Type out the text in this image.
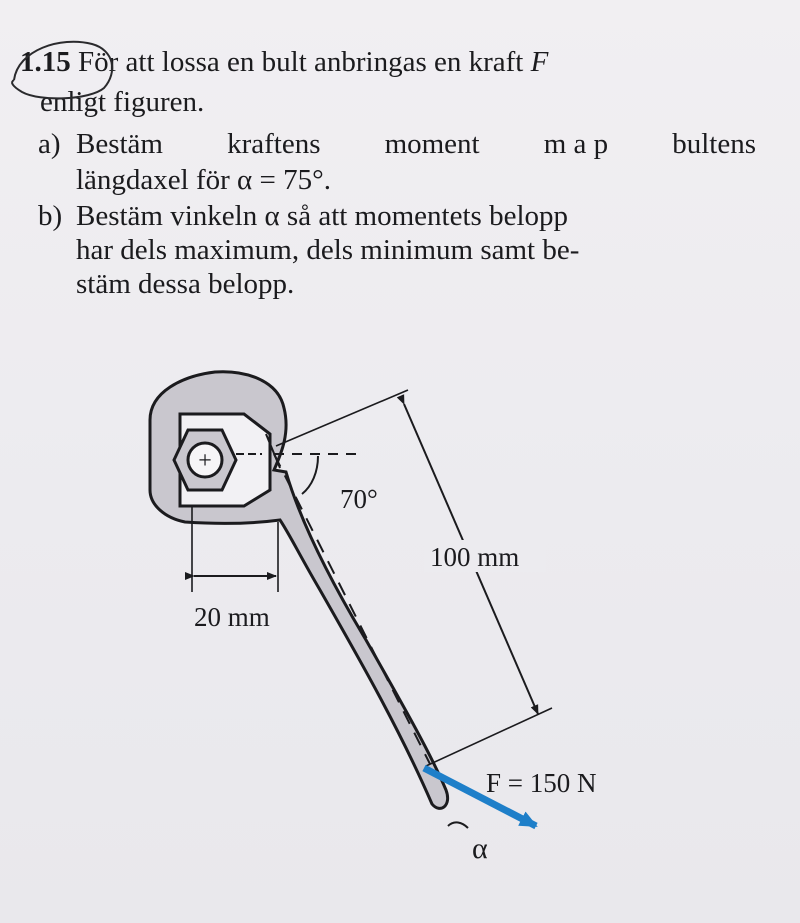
1.15 För att lossa en bult anbringas en kraft F
enligt figuren.
a) Bestäm kraftens moment m a p bultens
längdaxel för α = 75°.
b) Bestäm vinkeln α så att momentets belopp
har dels maximum, dels minimum samt be-
stäm dessa belopp.
+
70°
100 mm
20 mm
F = 150 N
α
